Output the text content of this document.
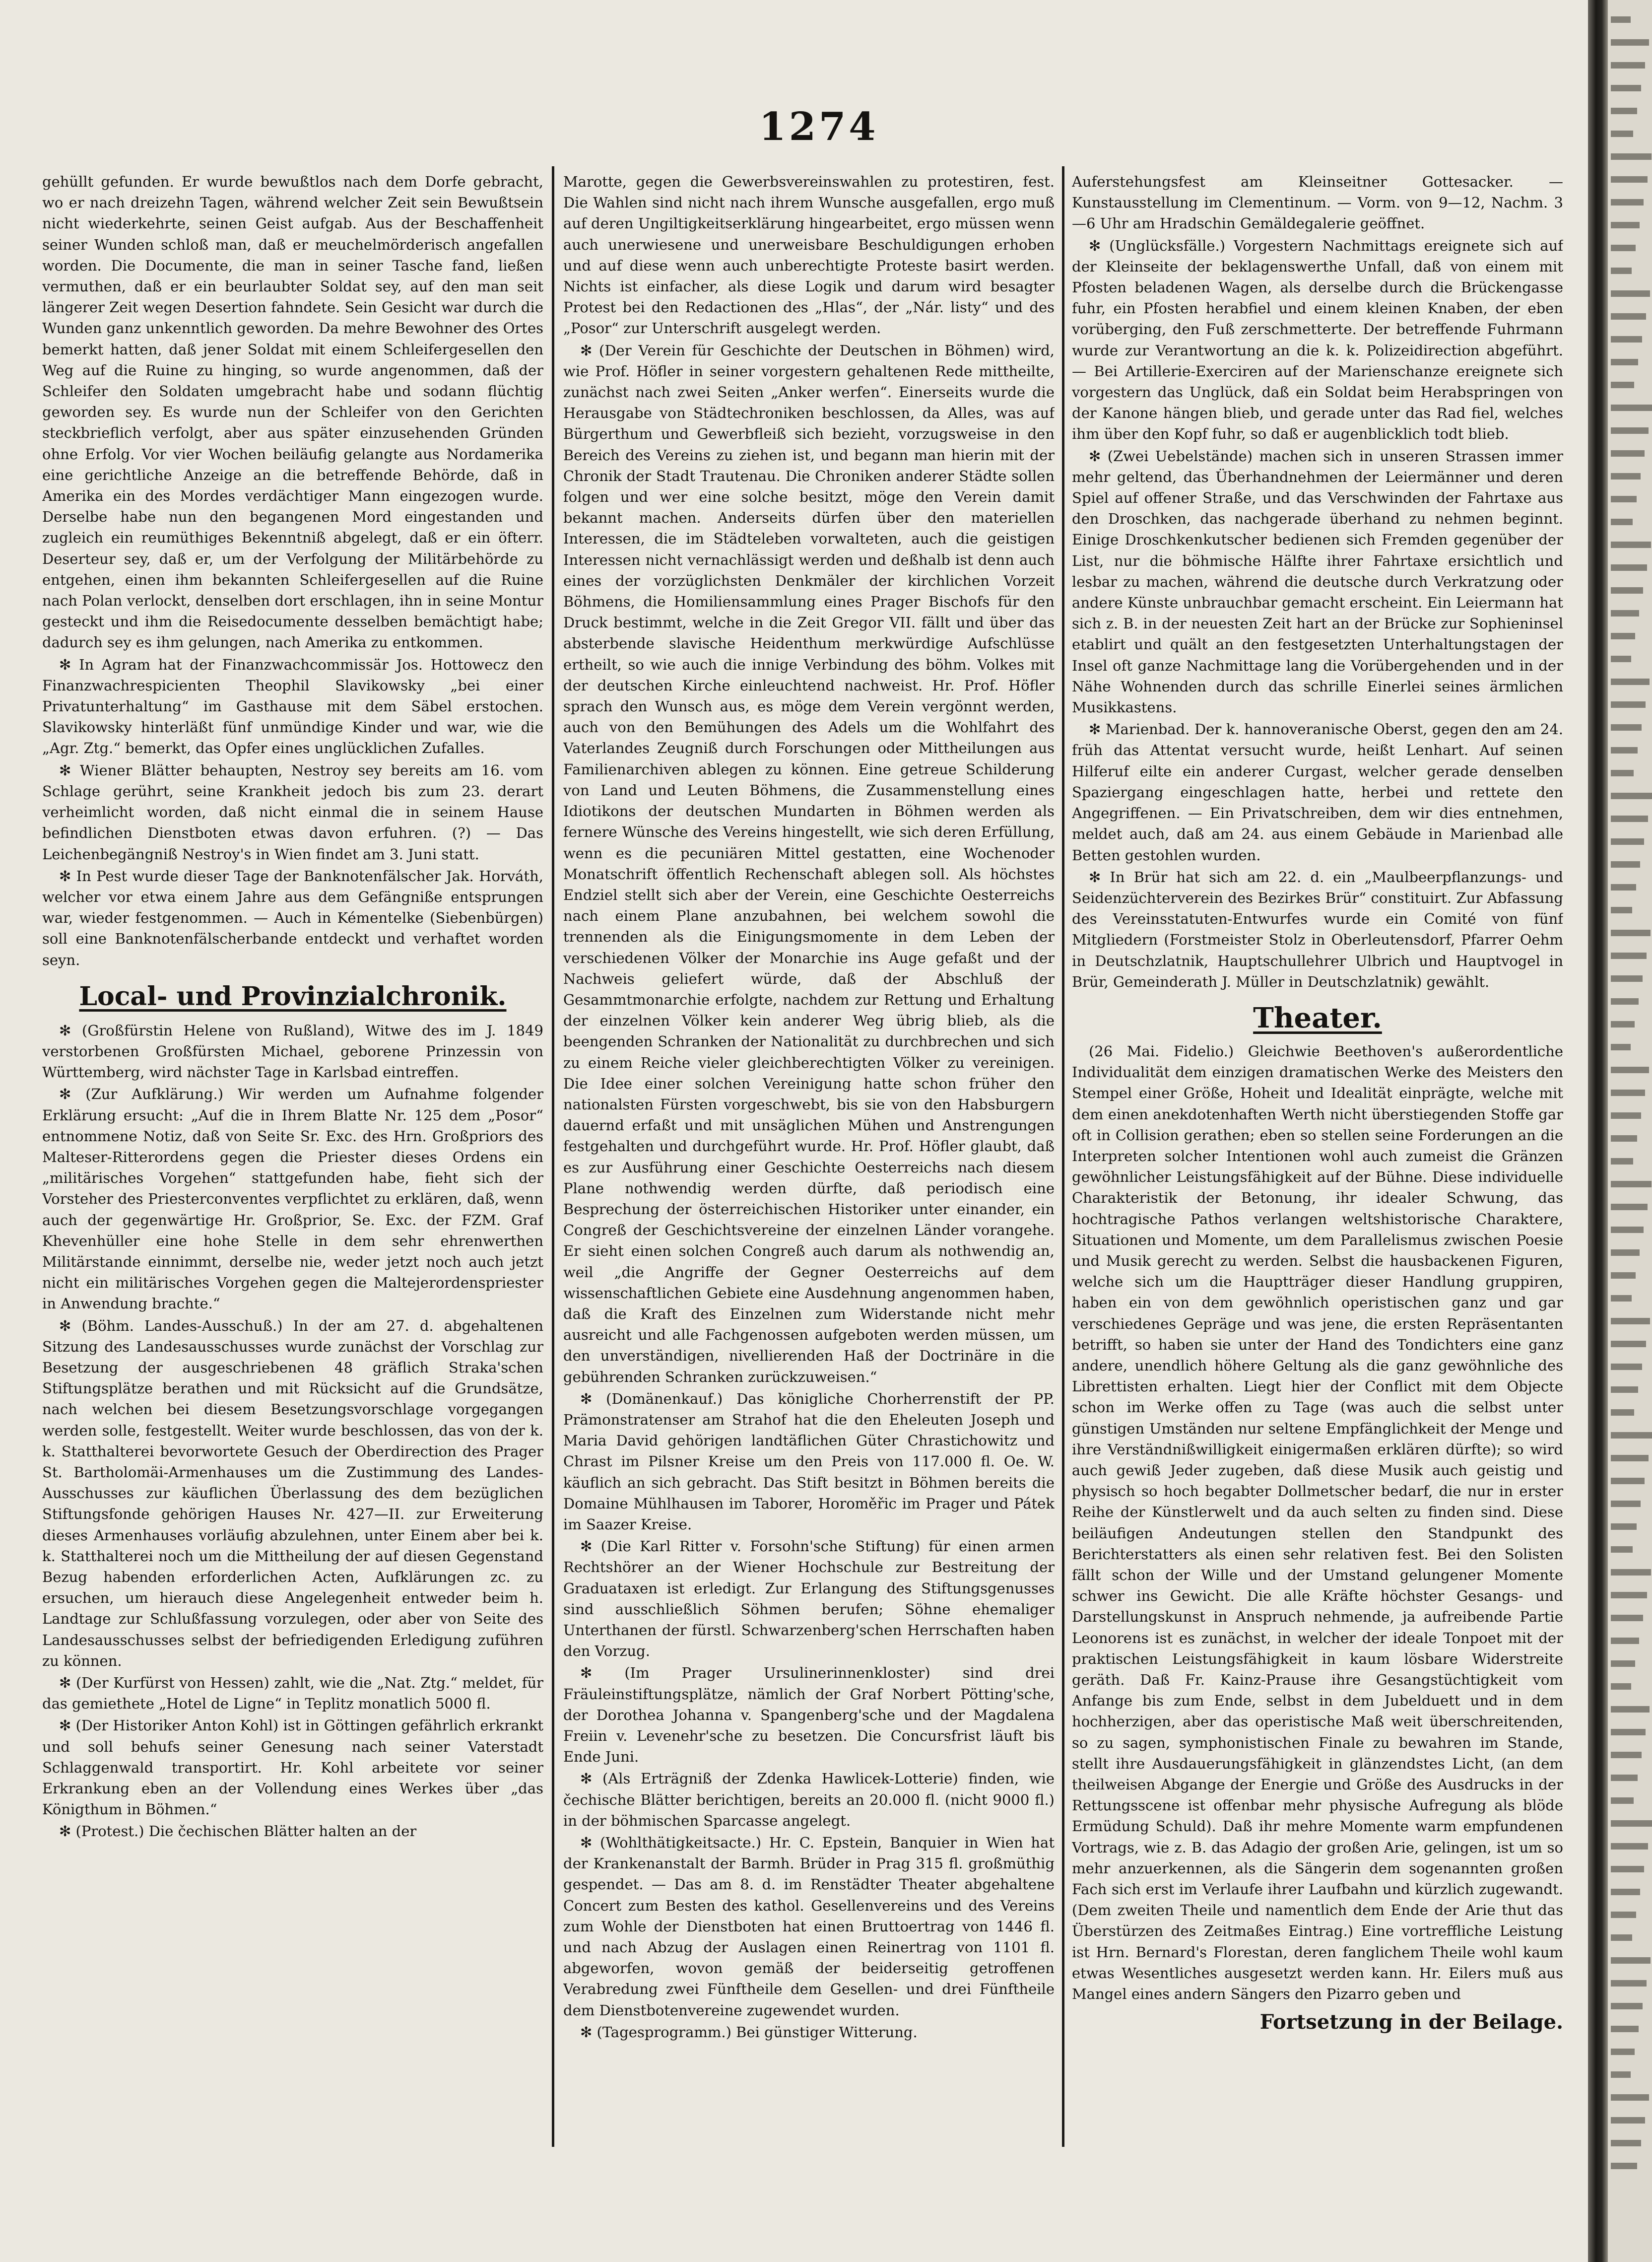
1274

gehüllt gefunden. Er wurde bewußtlos nach dem Dorfe gebracht, wo er nach dreizehn Tagen, während welcher Zeit sein Bewußtsein nicht wiederkehrte, seinen Geist aufgab. Aus der Beschaffenheit seiner Wunden schloß man, daß er meuchelmörderisch angefallen worden. Die Documente, die man in seiner Tasche fand, ließen vermuthen, daß er ein beurlaubter Soldat sey, auf den man seit längerer Zeit wegen Desertion fahndete. Sein Gesicht war durch die Wunden ganz unkenntlich geworden. Da mehre Bewohner des Ortes bemerkt hatten, daß jener Soldat mit einem Schleifergesellen den Weg auf die Ruine zu hinging, so wurde angenommen, daß der Schleifer den Soldaten umgebracht habe und sodann flüchtig geworden sey. Es wurde nun der Schleifer von den Gerichten steckbrieflich verfolgt, aber aus später einzusehenden Gründen ohne Erfolg. Vor vier Wochen beiläufig gelangte aus Nordamerika eine gerichtliche Anzeige an die betreffende Behörde, daß in Amerika ein des Mordes verdächtiger Mann eingezogen wurde. Derselbe habe nun den begangenen Mord eingestanden und zugleich ein reumüthiges Bekenntniß abgelegt, daß er ein öfterr. Deserteur sey, daß er, um der Verfolgung der Militärbehörde zu entgehen, einen ihm bekannten Schleifergesellen auf die Ruine nach Polan verlockt, denselben dort erschlagen, ihn in seine Montur gesteckt und ihm die Reisedocumente desselben bemächtigt habe; dadurch sey es ihm gelungen, nach Amerika zu entkommen.

✻ In Agram hat der Finanzwachcommissär Jos. Hottowecz den Finanzwachrespicienten Theophil Slavikowsky „bei einer Privatunterhaltung“ im Gasthause mit dem Säbel erstochen. Slavikowsky hinterläßt fünf unmündige Kinder und war, wie die „Agr. Ztg.“ bemerkt, das Opfer eines unglücklichen Zufalles.

✻ Wiener Blätter behaupten, Nestroy sey bereits am 16. vom Schlage gerührt, seine Krankheit jedoch bis zum 23. derart verheimlicht worden, daß nicht einmal die in seinem Hause befindlichen Dienstboten etwas davon erfuhren. (?) — Das Leichenbegängniß Nestroy's in Wien findet am 3. Juni statt.

✻ In Pest wurde dieser Tage der Banknotenfälscher Jak. Horváth, welcher vor etwa einem Jahre aus dem Gefängniße entsprungen war, wieder festgenommen. — Auch in Kémentelke (Siebenbürgen) soll eine Banknotenfälscherbande entdeckt und verhaftet worden seyn.

Local- und Provinzialchronik.

✻ (Großfürstin Helene von Rußland), Witwe des im J. 1849 verstorbenen Großfürsten Michael, geborene Prinzessin von Württemberg, wird nächster Tage in Karlsbad eintreffen.

✻ (Zur Aufklärung.) Wir werden um Aufnahme folgender Erklärung ersucht: „Auf die in Ihrem Blatte Nr. 125 dem „Posor“ entnommene Notiz, daß von Seite Sr. Exc. des Hrn. Großpriors des Malteser-Ritterordens gegen die Priester dieses Ordens ein „militärisches Vorgehen“ stattgefunden habe, fieht sich der Vorsteher des Priesterconventes verpflichtet zu erklären, daß, wenn auch der gegenwärtige Hr. Großprior, Se. Exc. der FZM. Graf Khevenhüller eine hohe Stelle in dem sehr ehrenwerthen Militärstande einnimmt, derselbe nie, weder jetzt noch auch jetzt nicht ein militärisches Vorgehen gegen die Maltejerordenspriester in Anwendung brachte.“

✻ (Böhm. Landes-Ausschuß.) In der am 27. d. abgehaltenen Sitzung des Landesausschusses wurde zunächst der Vorschlag zur Besetzung der ausgeschriebenen 48 gräflich Straka'schen Stiftungsplätze berathen und mit Rücksicht auf die Grundsätze, nach welchen bei diesem Besetzungsvorschlage vorgegangen werden solle, festgestellt. Weiter wurde beschlossen, das von der k. k. Statthalterei bevorwortete Gesuch der Oberdirection des Prager St. Bartholomäi-Armenhauses um die Zustimmung des Landes-Ausschusses zur käuflichen Überlassung des dem bezüglichen Stiftungsfonde gehörigen Hauses Nr. 427—II. zur Erweiterung dieses Armenhauses vorläufig abzulehnen, unter Einem aber bei k. k. Statthalterei noch um die Mittheilung der auf diesen Gegenstand Bezug habenden erforderlichen Acten, Aufklärungen zc. zu ersuchen, um hierauch diese Angelegenheit entweder beim h. Landtage zur Schlußfassung vorzulegen, oder aber von Seite des Landesausschusses selbst der befriedigenden Erledigung zuführen zu können.

✻ (Der Kurfürst von Hessen) zahlt, wie die „Nat. Ztg.“ meldet, für das gemiethete „Hotel de Ligne“ in Teplitz monatlich 5000 fl.

✻ (Der Historiker Anton Kohl) ist in Göttingen gefährlich erkrankt und soll behufs seiner Genesung nach seiner Vaterstadt Schlaggenwald transportirt. Hr. Kohl arbeitete vor seiner Erkrankung eben an der Vollendung eines Werkes über „das Königthum in Böhmen.“

✻ (Protest.) Die čechischen Blätter halten an der

Marotte, gegen die Gewerbsvereinswahlen zu protestiren, fest. Die Wahlen sind nicht nach ihrem Wunsche ausgefallen, ergo muß auf deren Ungiltigkeitserklärung hingearbeitet, ergo müssen wenn auch unerwiesene und unerweisbare Beschuldigungen erhoben und auf diese wenn auch unberechtigte Proteste basirt werden. Nichts ist einfacher, als diese Logik und darum wird besagter Protest bei den Redactionen des „Hlas“, der „Nár. listy“ und des „Posor“ zur Unterschrift ausgelegt werden.

✻ (Der Verein für Geschichte der Deutschen in Böhmen) wird, wie Prof. Höfler in seiner vorgestern gehaltenen Rede mittheilte, zunächst nach zwei Seiten „Anker werfen“. Einerseits wurde die Herausgabe von Städtechroniken beschlossen, da Alles, was auf Bürgerthum und Gewerbfleiß sich bezieht, vorzugsweise in den Bereich des Vereins zu ziehen ist, und begann man hierin mit der Chronik der Stadt Trautenau. Die Chroniken anderer Städte sollen folgen und wer eine solche besitzt, möge den Verein damit bekannt machen. Anderseits dürfen über den materiellen Interessen, die im Städteleben vorwalteten, auch die geistigen Interessen nicht vernachlässigt werden und deßhalb ist denn auch eines der vorzüglichsten Denkmäler der kirchlichen Vorzeit Böhmens, die Homiliensammlung eines Prager Bischofs für den Druck bestimmt, welche in die Zeit Gregor VII. fällt und über das absterbende slavische Heidenthum merkwürdige Aufschlüsse ertheilt, so wie auch die innige Verbindung des böhm. Volkes mit der deutschen Kirche einleuchtend nachweist. Hr. Prof. Höfler sprach den Wunsch aus, es möge dem Verein vergönnt werden, auch von den Bemühungen des Adels um die Wohlfahrt des Vaterlandes Zeugniß durch Forschungen oder Mittheilungen aus Familienarchiven ablegen zu können. Eine getreue Schilderung von Land und Leuten Böhmens, die Zusammenstellung eines Idiotikons der deutschen Mundarten in Böhmen werden als fernere Wünsche des Vereins hingestellt, wie sich deren Erfüllung, wenn es die pecuniären Mittel gestatten, eine Wochenoder Monatschrift öffentlich Rechenschaft ablegen soll. Als höchstes Endziel stellt sich aber der Verein, eine Geschichte Oesterreichs nach einem Plane anzubahnen, bei welchem sowohl die trennenden als die Einigungsmomente in dem Leben der verschiedenen Völker der Monarchie ins Auge gefaßt und der Nachweis geliefert würde, daß der Abschluß der Gesammtmonarchie erfolgte, nachdem zur Rettung und Erhaltung der einzelnen Völker kein anderer Weg übrig blieb, als die beengenden Schranken der Nationalität zu durchbrechen und sich zu einem Reiche vieler gleichberechtigten Völker zu vereinigen. Die Idee einer solchen Vereinigung hatte schon früher den nationalsten Fürsten vorgeschwebt, bis sie von den Habsburgern dauernd erfaßt und mit unsäglichen Mühen und Anstrengungen festgehalten und durchgeführt wurde. Hr. Prof. Höfler glaubt, daß es zur Ausführung einer Geschichte Oesterreichs nach diesem Plane nothwendig werden dürfte, daß periodisch eine Besprechung der österreichischen Historiker unter einander, ein Congreß der Geschichtsvereine der einzelnen Länder vorangehe. Er sieht einen solchen Congreß auch darum als nothwendig an, weil „die Angriffe der Gegner Oesterreichs auf dem wissenschaftlichen Gebiete eine Ausdehnung angenommen haben, daß die Kraft des Einzelnen zum Widerstande nicht mehr ausreicht und alle Fachgenossen aufgeboten werden müssen, um den unverständigen, nivellierenden Haß der Doctrinäre in die gebührenden Schranken zurückzuweisen.“

✻ (Domänenkauf.) Das königliche Chorherrenstift der PP. Prämonstratenser am Strahof hat die den Eheleuten Joseph und Maria David gehörigen landtäflichen Güter Chrastichowitz und Chrast im Pilsner Kreise um den Preis von 117.000 fl. Oe. W. käuflich an sich gebracht. Das Stift besitzt in Böhmen bereits die Domaine Mühlhausen im Taborer, Horoměřic im Prager und Pátek im Saazer Kreise.

✻ (Die Karl Ritter v. Forsohn'sche Stiftung) für einen armen Rechtshörer an der Wiener Hochschule zur Bestreitung der Graduataxen ist erledigt. Zur Erlangung des Stiftungsgenusses sind ausschließlich Söhmen berufen; Söhne ehemaliger Unterthanen der fürstl. Schwarzenberg'schen Herrschaften haben den Vorzug.

✻ (Im Prager Ursulinerinnenkloster) sind drei Fräuleinstiftungsplätze, nämlich der Graf Norbert Pötting'sche, der Dorothea Johanna v. Spangenberg'sche und der Magdalena Freiin v. Levenehr'sche zu besetzen. Die Concursfrist läuft bis Ende Juni.

✻ (Als Erträgniß der Zdenka Hawlicek-Lotterie) finden, wie čechische Blätter berichtigen, bereits an 20.000 fl. (nicht 9000 fl.) in der böhmischen Sparcasse angelegt.

✻ (Wohlthätigkeitsacte.) Hr. C. Epstein, Banquier in Wien hat der Krankenanstalt der Barmh. Brüder in Prag 315 fl. großmüthig gespendet. — Das am 8. d. im Renstädter Theater abgehaltene Concert zum Besten des kathol. Gesellenvereins und des Vereins zum Wohle der Dienstboten hat einen Bruttoertrag von 1446 fl. und nach Abzug der Auslagen einen Reinertrag von 1101 fl. abgeworfen, wovon gemäß der beiderseitig getroffenen Verabredung zwei Fünftheile dem Gesellen- und drei Fünftheile dem Dienstbotenvereine zugewendet wurden.

✻ (Tagesprogramm.) Bei günstiger Witterung.

Auferstehungsfest am Kleinseitner Gottesacker. — Kunstausstellung im Clementinum. — Vorm. von 9—12, Nachm. 3—6 Uhr am Hradschin Gemäldegalerie geöffnet.

✻ (Unglücksfälle.) Vorgestern Nachmittags ereignete sich auf der Kleinseite der beklagenswerthe Unfall, daß von einem mit Pfosten beladenen Wagen, als derselbe durch die Brückengasse fuhr, ein Pfosten herabfiel und einem kleinen Knaben, der eben vorüberging, den Fuß zerschmetterte. Der betreffende Fuhrmann wurde zur Verantwortung an die k. k. Polizeidirection abgeführt. — Bei Artillerie-Exerciren auf der Marienschanze ereignete sich vorgestern das Unglück, daß ein Soldat beim Herabspringen von der Kanone hängen blieb, und gerade unter das Rad fiel, welches ihm über den Kopf fuhr, so daß er augenblicklich todt blieb.

✻ (Zwei Uebelstände) machen sich in unseren Strassen immer mehr geltend, das Überhandnehmen der Leiermänner und deren Spiel auf offener Straße, und das Verschwinden der Fahrtaxe aus den Droschken, das nachgerade überhand zu nehmen beginnt. Einige Droschkenkutscher bedienen sich Fremden gegenüber der List, nur die böhmische Hälfte ihrer Fahrtaxe ersichtlich und lesbar zu machen, während die deutsche durch Verkratzung oder andere Künste unbrauchbar gemacht erscheint. Ein Leiermann hat sich z. B. in der neuesten Zeit hart an der Brücke zur Sophieninsel etablirt und quält an den festgesetzten Unterhaltungstagen der Insel oft ganze Nachmittage lang die Vorübergehenden und in der Nähe Wohnenden durch das schrille Einerlei seines ärmlichen Musikkastens.

✻ Marienbad. Der k. hannoveranische Oberst, gegen den am 24. früh das Attentat versucht wurde, heißt Lenhart. Auf seinen Hilferuf eilte ein anderer Curgast, welcher gerade denselben Spaziergang eingeschlagen hatte, herbei und rettete den Angegriffenen. — Ein Privatschreiben, dem wir dies entnehmen, meldet auch, daß am 24. aus einem Gebäude in Marienbad alle Betten gestohlen wurden.

✻ In Brür hat sich am 22. d. ein „Maulbeerpflanzungs- und Seidenzüchterverein des Bezirkes Brür“ constituirt. Zur Abfassung des Vereinsstatuten-Entwurfes wurde ein Comité von fünf Mitgliedern (Forstmeister Stolz in Oberleutensdorf, Pfarrer Oehm in Deutschzlatnik, Hauptschullehrer Ulbrich und Hauptvogel in Brür, Gemeinderath J. Müller in Deutschzlatnik) gewählt.

Theater.

(26 Mai. Fidelio.) Gleichwie Beethoven's außerordentliche Individualität dem einzigen dramatischen Werke des Meisters den Stempel einer Größe, Hoheit und Idealität einprägte, welche mit dem einen anekdotenhaften Werth nicht überstiegenden Stoffe gar oft in Collision gerathen; eben so stellen seine Forderungen an die Interpreten solcher Intentionen wohl auch zumeist die Gränzen gewöhnlicher Leistungsfähigkeit auf der Bühne. Diese individuelle Charakteristik der Betonung, ihr idealer Schwung, das hochtragische Pathos verlangen weltshistorische Charaktere, Situationen und Momente, um dem Parallelismus zwischen Poesie und Musik gerecht zu werden. Selbst die hausbackenen Figuren, welche sich um die Hauptträger dieser Handlung gruppiren, haben ein von dem gewöhnlich operistischen ganz und gar verschiedenes Gepräge und was jene, die ersten Repräsentanten betrifft, so haben sie unter der Hand des Tondichters eine ganz andere, unendlich höhere Geltung als die ganz gewöhnliche des Librettisten erhalten. Liegt hier der Conflict mit dem Objecte schon im Werke offen zu Tage (was auch die selbst unter günstigen Umständen nur seltene Empfänglichkeit der Menge und ihre Verständnißwilligkeit einigermaßen erklären dürfte); so wird auch gewiß Jeder zugeben, daß diese Musik auch geistig und physisch so hoch begabter Dollmetscher bedarf, die nur in erster Reihe der Künstlerwelt und da auch selten zu finden sind. Diese beiläufigen Andeutungen stellen den Standpunkt des Berichterstatters als einen sehr relativen fest. Bei den Solisten fällt schon der Wille und der Umstand gelungener Momente schwer ins Gewicht. Die alle Kräfte höchster Gesangs- und Darstellungskunst in Anspruch nehmende, ja aufreibende Partie Leonorens ist es zunächst, in welcher der ideale Tonpoet mit der praktischen Leistungsfähigkeit in kaum lösbare Widerstreite geräth. Daß Fr. Kainz-Prause ihre Gesangstüchtigkeit vom Anfange bis zum Ende, selbst in dem Jubelduett und in dem hochherzigen, aber das operistische Maß weit überschreitenden, so zu sagen, symphonistischen Finale zu bewahren im Stande, stellt ihre Ausdauerungsfähigkeit in glänzendstes Licht, (an dem theilweisen Abgange der Energie und Größe des Ausdrucks in der Rettungsscene ist offenbar mehr physische Aufregung als blöde Ermüdung Schuld). Daß ihr mehre Momente warm empfundenen Vortrags, wie z. B. das Adagio der großen Arie, gelingen, ist um so mehr anzuerkennen, als die Sängerin dem sogenannten großen Fach sich erst im Verlaufe ihrer Laufbahn und kürzlich zugewandt. (Dem zweiten Theile und namentlich dem Ende der Arie thut das Überstürzen des Zeitmaßes Eintrag.) Eine vortreffliche Leistung ist Hrn. Bernard's Florestan, deren fanglichem Theile wohl kaum etwas Wesentliches ausgesetzt werden kann. Hr. Eilers muß aus Mangel eines andern Sängers den Pizarro geben und

Fortsetzung in der Beilage.
